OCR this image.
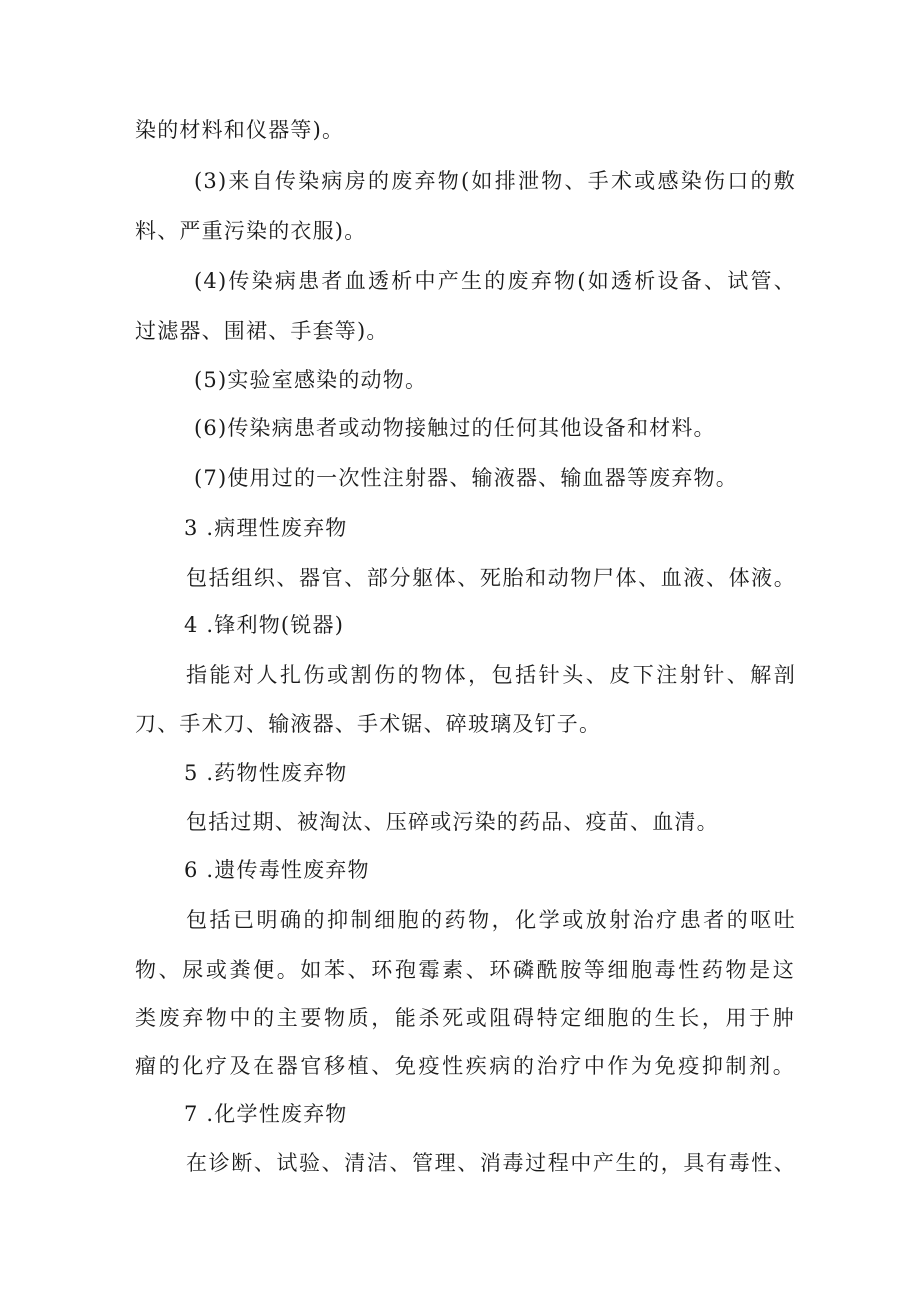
染的材料和仪器等)。
(3)来自传染病房的废弃物(如排泄物、手术或感染伤口的敷
料、严重污染的衣服)。
(4)传染病患者血透析中产生的废弃物(如透析设备、试管、
过滤器、围裙、手套等)。
(5)实验室感染的动物。
(6)传染病患者或动物接触过的任何其他设备和材料。
(7)使用过的一次性注射器、输液器、输血器等废弃物。
3 .病理性废弃物
包括组织、器官、部分躯体、死胎和动物尸体、血液、体液。
4 .锋利物(锐器)
指能对人扎伤或割伤的物体，包括针头、皮下注射针、解剖
刀、手术刀、输液器、手术锯、碎玻璃及钉子。
5 .药物性废弃物
包括过期、被淘汰、压碎或污染的药品、疫苗、血清。
6 .遗传毒性废弃物
包括已明确的抑制细胞的药物，化学或放射治疗患者的呕吐
物、尿或粪便。如苯、环孢霉素、环磷酰胺等细胞毒性药物是这
类废弃物中的主要物质，能杀死或阻碍特定细胞的生长，用于肿
瘤的化疗及在器官移植、免疫性疾病的治疗中作为免疫抑制剂。
7 .化学性废弃物
在诊断、试验、清洁、管理、消毒过程中产生的，具有毒性、
